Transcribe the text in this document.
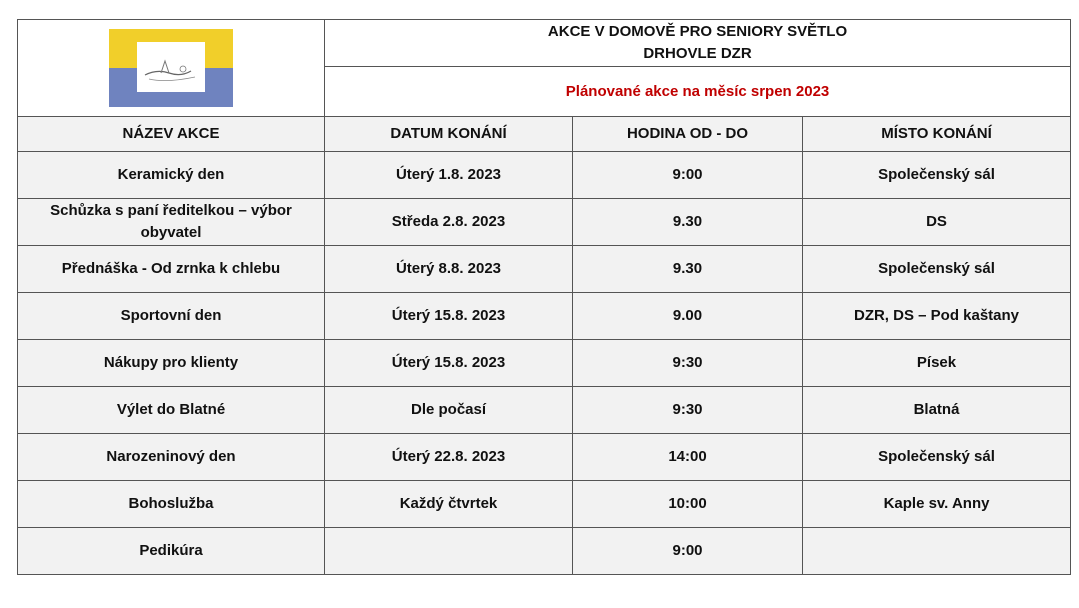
AKCE V DOMOVĚ PRO SENIORY SVĚTLO
DRHOVLE DZR		

	Plánované akce na měsíc srpen 2023		
NÁZEV AKCE	DATUM KONÁNÍ	HODINA OD - DO	MÍSTO KONÁNÍ
Keramický den	Úterý 1.8. 2023	9:00	Společenský sál
Schůzka s paní ředitelkou – výbor obyvatel	Středa 2.8. 2023	9.30	DS
Přednáška - Od zrnka k chlebu	Úterý 8.8. 2023	9.30	Společenský sál
Sportovní den	Úterý 15.8. 2023	9.00	DZR, DS – Pod kaštany
Nákupy pro klienty	Úterý 15.8. 2023	9:30	Písek
Výlet do Blatné	Dle počasí	9:30	Blatná
Narozeninový den	Úterý 22.8. 2023	14:00	Společenský sál
Bohoslužba	Každý čtvrtek	10:00	Kaple sv. Anny
Pedikúra		9:00	
